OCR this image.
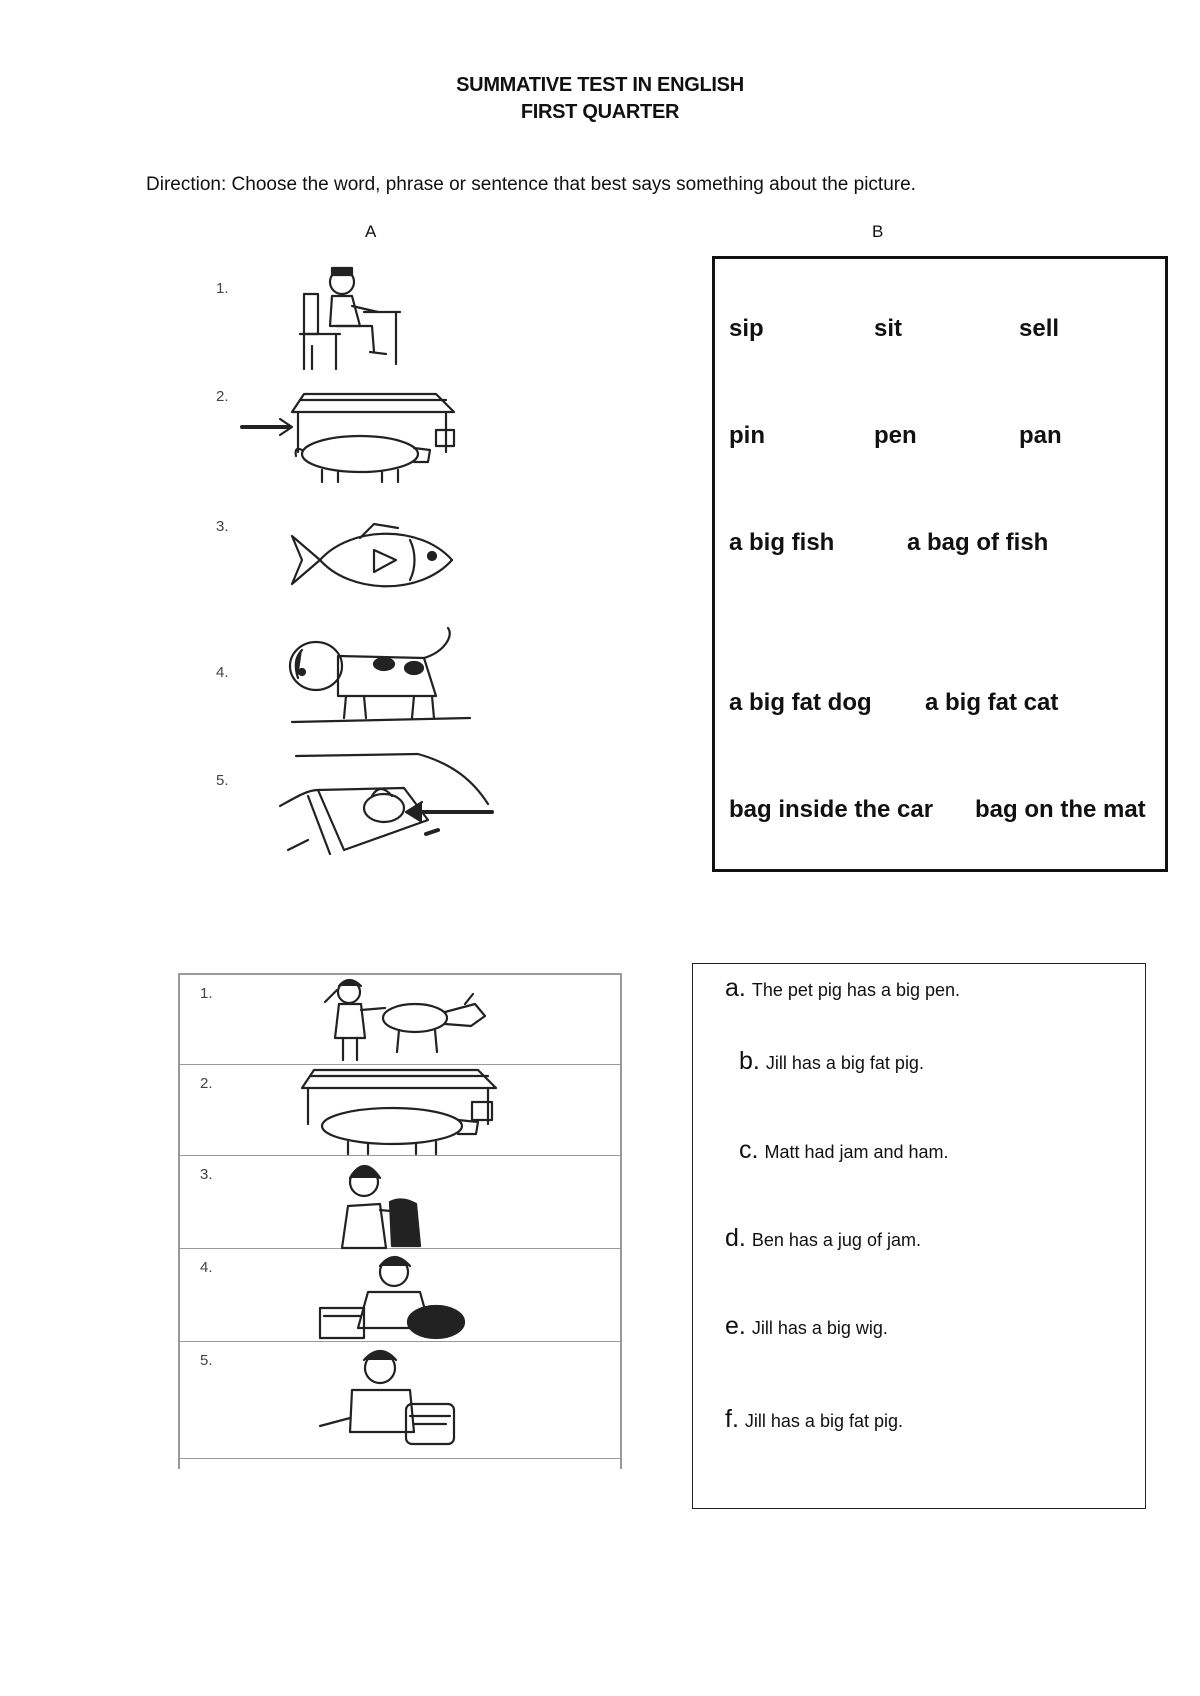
SUMMATIVE TEST IN ENGLISH
FIRST QUARTER
Direction: Choose the word, phrase or sentence that best says something about the picture.
A	B
1.
2.
3.
4.
5.
sip	sit	sell
pin	pen	pan
a big fish	a bag of fish
a big fat dog a big fat cat
bag inside the car bag on the mat
1.
2.
3.
4.
5.
a. The pet pig has a big pen.
b. Jill has a big fat pig.
c. Matt had jam and ham.
d. Ben has a jug of jam.
e. Jill has a big wig.
f. Jill has a big fat pig.
